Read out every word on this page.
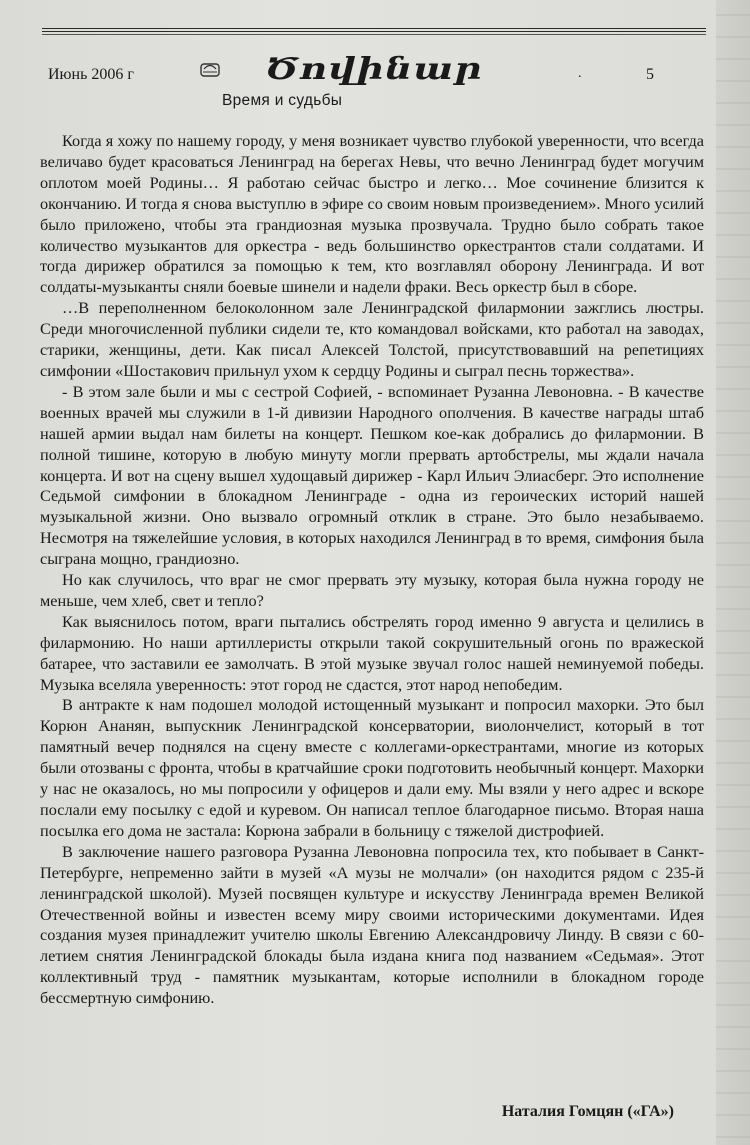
Июнь 2006 г	Ծովինար	.	5
Время и судьбы

Когда я хожу по нашему городу, у меня возникает чувство глубокой уверенности, что всегда величаво будет красоваться Ленинград на берегах Невы, что вечно Ленинград будет могучим оплотом моей Родины… Я работаю сейчас быстро и легко… Мое сочинение близится к окончанию. И тогда я снова выступлю в эфире со своим новым произведением». Много усилий было приложено, чтобы эта грандиозная музыка прозвучала. Трудно было собрать такое количество музыкантов для оркестра - ведь большинство оркестрантов стали солдатами. И тогда дирижер обратился за помощью к тем, кто возглавлял оборону Ленинграда. И вот солдаты-музыканты сняли боевые шинели и надели фраки. Весь оркестр был в сборе.

…В переполненном белоколонном зале Ленинградской филармонии зажглись люстры. Среди многочисленной публики сидели те, кто командовал войсками, кто работал на заводах, старики, женщины, дети. Как писал Алексей Толстой, присутствовавший на репетициях симфонии «Шостакович прильнул ухом к сердцу Родины и сыграл песнь торжества».

- В этом зале были и мы с сестрой Софией, - вспоминает Рузанна Левоновна. - В качестве военных врачей мы служили в 1-й дивизии Народного ополчения. В качестве награды штаб нашей армии выдал нам билеты на концерт. Пешком кое-как добрались до филармонии. В полной тишине, которую в любую минуту могли прервать артобстрелы, мы ждали начала концерта. И вот на сцену вышел худощавый дирижер - Карл Ильич Элиасберг. Это исполнение Седьмой симфонии в блокадном Ленинграде - одна из героических историй нашей музыкальной жизни. Оно вызвало огромный отклик в стране. Это было незабываемо. Несмотря на тяжелейшие условия, в которых находился Ленинград в то время, симфония была сыграна мощно, грандиозно.

Но как случилось, что враг не смог прервать эту музыку, которая была нужна городу не меньше, чем хлеб, свет и тепло?

Как выяснилось потом, враги пытались обстрелять город именно 9 августа и целились в филармонию. Но наши артиллеристы открыли такой сокрушительный огонь по вражеской батарее, что заставили ее замолчать. В этой музыке звучал голос нашей неминуемой победы. Музыка вселяла уверенность: этот город не сдастся, этот народ непобедим.

В антракте к нам подошел молодой истощенный музыкант и попросил махорки. Это был Корюн Ананян, выпускник Ленинградской консерватории, виолончелист, который в тот памятный вечер поднялся на сцену вместе с коллегами-оркестрантами, многие из которых были отозваны с фронта, чтобы в кратчайшие сроки подготовить необычный концерт. Махорки у нас не оказалось, но мы попросили у офицеров и дали ему. Мы взяли у него адрес и вскоре послали ему посылку с едой и куревом. Он написал теплое благодарное письмо. Вторая наша посылка его дома не застала: Корюна забрали в больницу с тяжелой дистрофией.

В заключение нашего разговора Рузанна Левоновна попросила тех, кто побывает в Санкт-Петербурге, непременно зайти в музей «А музы не молчали» (он находится рядом с 235-й ленинградской школой). Музей посвящен культуре и искусству Ленинграда времен Великой Отечественной войны и известен всему миру своими историческими документами. Идея создания музея принадлежит учителю школы Евгению Александровичу Линду. В связи с 60-летием снятия Ленинградской блокады была издана книга под названием «Седьмая». Этот коллективный труд - памятник музыкантам, которые исполнили в блокадном городе бессмертную симфонию.

Наталия Гомцян («ГА»)
